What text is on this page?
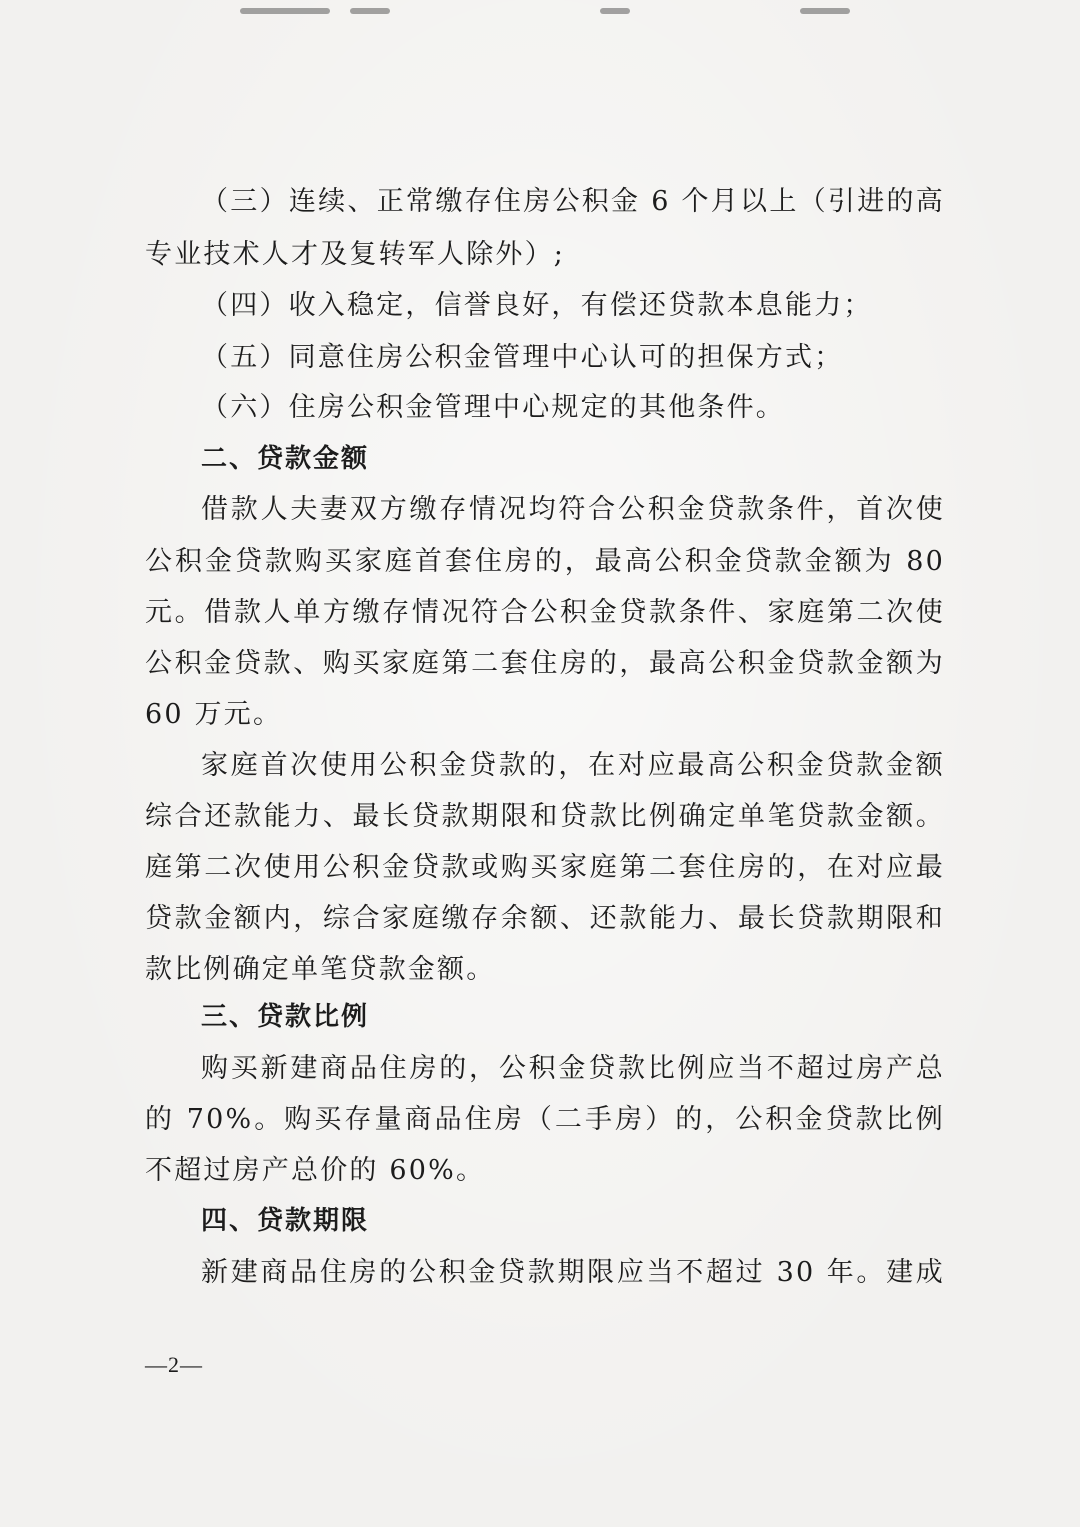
（三）连续、正常缴存住房公积金 6 个月以上（引进的高
专业技术人才及复转军人除外）;
（四）收入稳定，信誉良好，有偿还贷款本息能力；
（五）同意住房公积金管理中心认可的担保方式；
（六）住房公积金管理中心规定的其他条件。
二、贷款金额
借款人夫妻双方缴存情况均符合公积金贷款条件，首次使
公积金贷款购买家庭首套住房的，最高公积金贷款金额为 80
元。借款人单方缴存情况符合公积金贷款条件、家庭第二次使
公积金贷款、购买家庭第二套住房的，最高公积金贷款金额为
60 万元。
家庭首次使用公积金贷款的，在对应最高公积金贷款金额
综合还款能力、最长贷款期限和贷款比例确定单笔贷款金额。
庭第二次使用公积金贷款或购买家庭第二套住房的，在对应最
贷款金额内，综合家庭缴存余额、还款能力、最长贷款期限和
款比例确定单笔贷款金额。
三、贷款比例
购买新建商品住房的，公积金贷款比例应当不超过房产总
的 70%。购买存量商品住房（二手房）的，公积金贷款比例
不超过房产总价的 60%。
四、贷款期限
新建商品住房的公积金贷款期限应当不超过 30 年。建成
—2—
